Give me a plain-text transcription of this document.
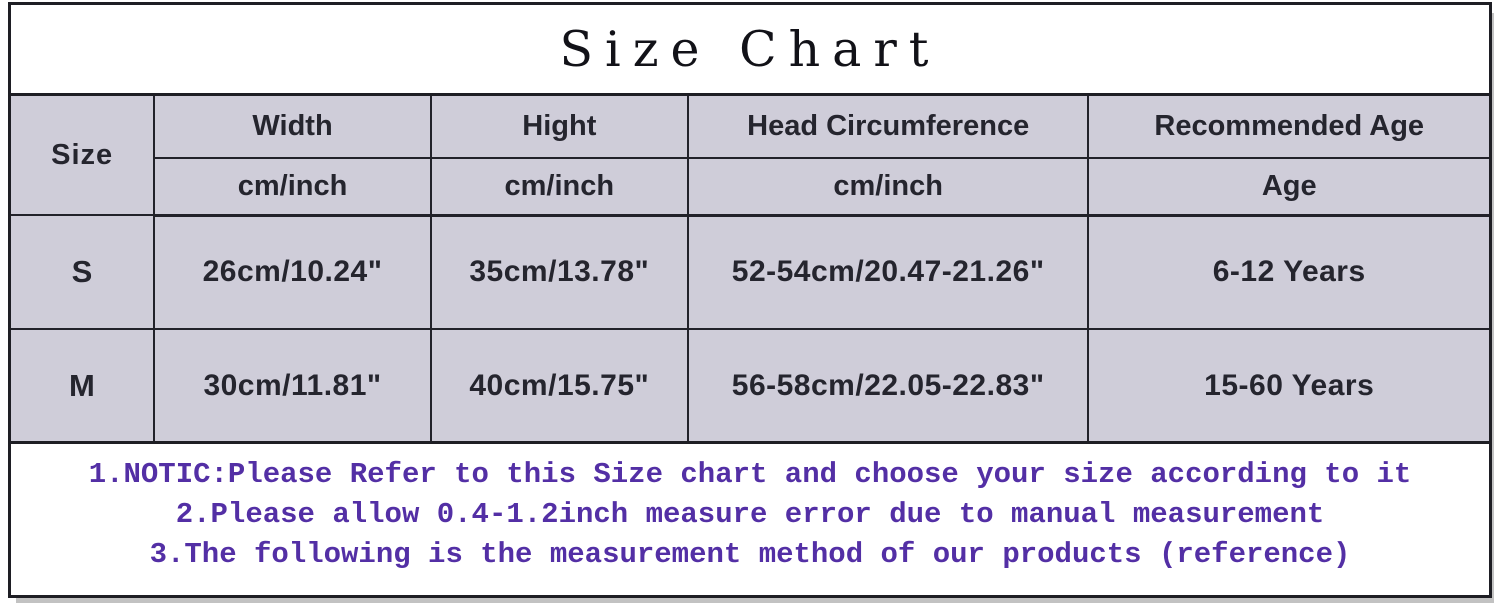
Size Chart
Size	Width	Hight	Head Circumference	Recommended Age
	cm/inch	cm/inch	cm/inch	Age
S	26cm/10.24"	35cm/13.78"	52-54cm/20.47-21.26"	6-12 Years
M	30cm/11.81"	40cm/15.75"	56-58cm/22.05-22.83"	15-60 Years
1.NOTIC:Please Refer to this Size chart and choose your size according to it
2.Please allow 0.4-1.2inch measure error due to manual measurement
3.The following is the measurement method of our products (reference)
